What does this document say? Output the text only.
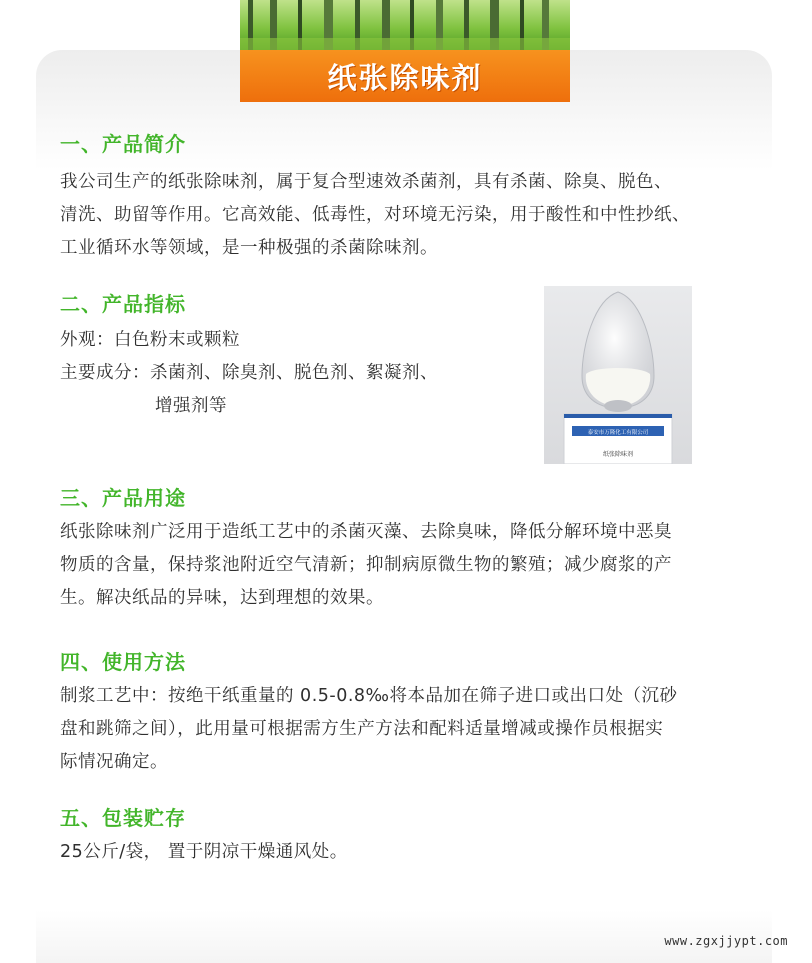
纸张除味剂
一、产品简介
我公司生产的纸张除味剂，属于复合型速效杀菌剂，具有杀菌、除臭、脱色、
清洗、助留等作用。它高效能、低毒性，对环境无污染，用于酸性和中性抄纸、
工业循环水等领域，是一种极强的杀菌除味剂。
二、产品指标
外观：白色粉末或颗粒
主要成分：杀菌剂、除臭剂、脱色剂、絮凝剂、
增强剂等
泰安市万隆化工有限公司
纸张除味剂
三、产品用途
纸张除味剂广泛用于造纸工艺中的杀菌灭藻、去除臭味，降低分解环境中恶臭
物质的含量，保持浆池附近空气清新；抑制病原微生物的繁殖；减少腐浆的产
生。解决纸品的异味，达到理想的效果。
四、使用方法
制浆工艺中：按绝干纸重量的 0.5-0.8‰将本品加在筛子进口或出口处（沉砂
盘和跳筛之间），此用量可根据需方生产方法和配料适量增减或操作员根据实
际情况确定。
五、包装贮存
25公斤/袋， 置于阴凉干燥通风处。
www.zgxjjypt.com
